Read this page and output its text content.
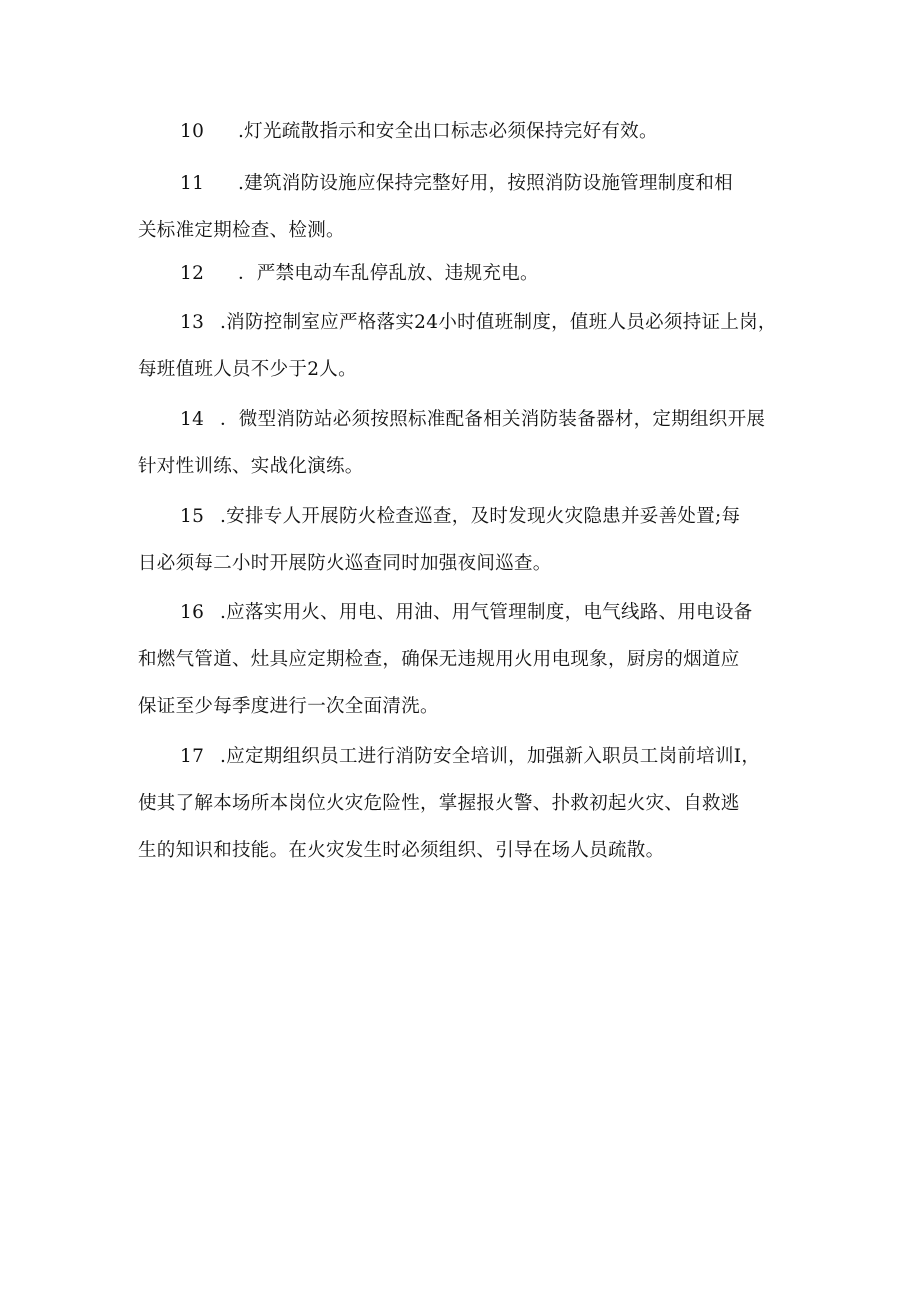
10 .灯光疏散指示和安全出口标志必须保持完好有效。
11 .建筑消防设施应保持完整好用，按照消防设施管理制度和相
关标准定期检查、检测。
12 ．严禁电动车乱停乱放、违规充电。
13 .消防控制室应严格落实24小时值班制度，值班人员必须持证上岗，
每班值班人员不少于2人。
14 ．微型消防站必须按照标准配备相关消防装备器材，定期组织开展
针对性训练、实战化演练。
15 .安排专人开展防火检查巡查，及时发现火灾隐患并妥善处置;每
日必须每二小时开展防火巡查同时加强夜间巡查。
16 .应落实用火、用电、用油、用气管理制度，电气线路、用电设备
和燃气管道、灶具应定期检查，确保无违规用火用电现象，厨房的烟道应
保证至少每季度进行一次全面清洗。
17 .应定期组织员工进行消防安全培训，加强新入职员工岗前培训I，
使其了解本场所本岗位火灾危险性，掌握报火警、扑救初起火灾、自救逃
生的知识和技能。在火灾发生时必须组织、引导在场人员疏散。
